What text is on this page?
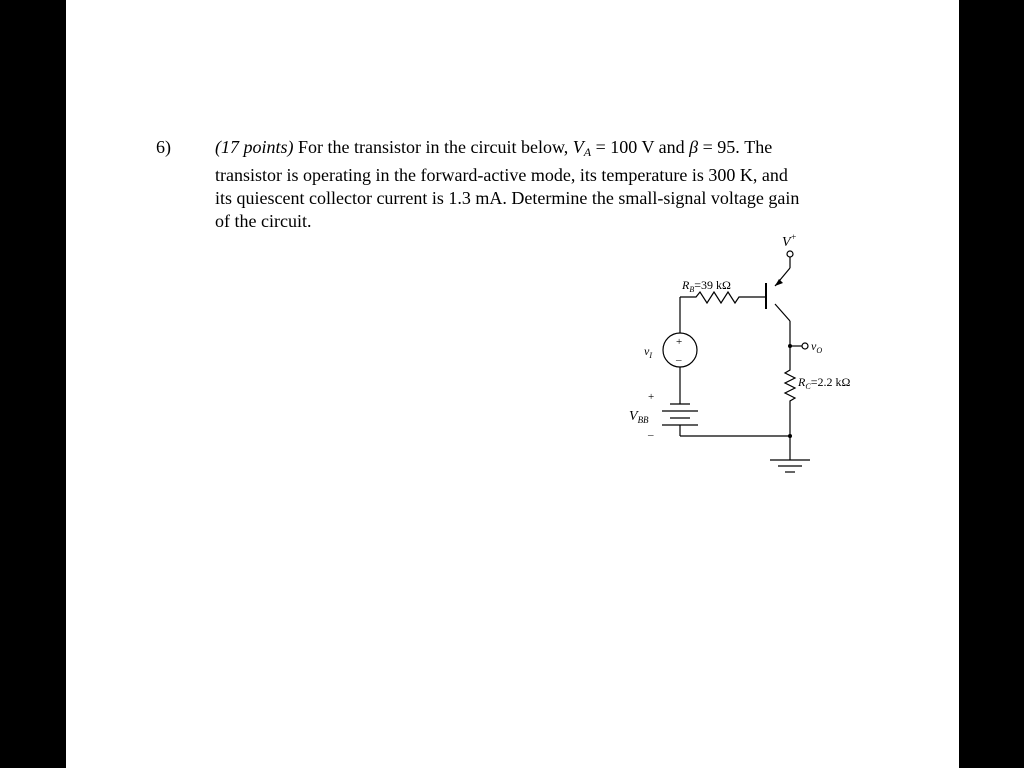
6) (17 points) For the transistor in the circuit below, $V_A = 100$ V and β = 95. The
transistor is operating in the forward-active mode, its temperature is 300 K, and
its quiescent collector current is 1.3 mA. Determine the small-signal voltage gain
of the circuit.
V+
$R_B=39$ kΩ
$v_O$
$v_I$
+
–
$R_C=2.2$ kΩ
+
$V_{BB}$
–
